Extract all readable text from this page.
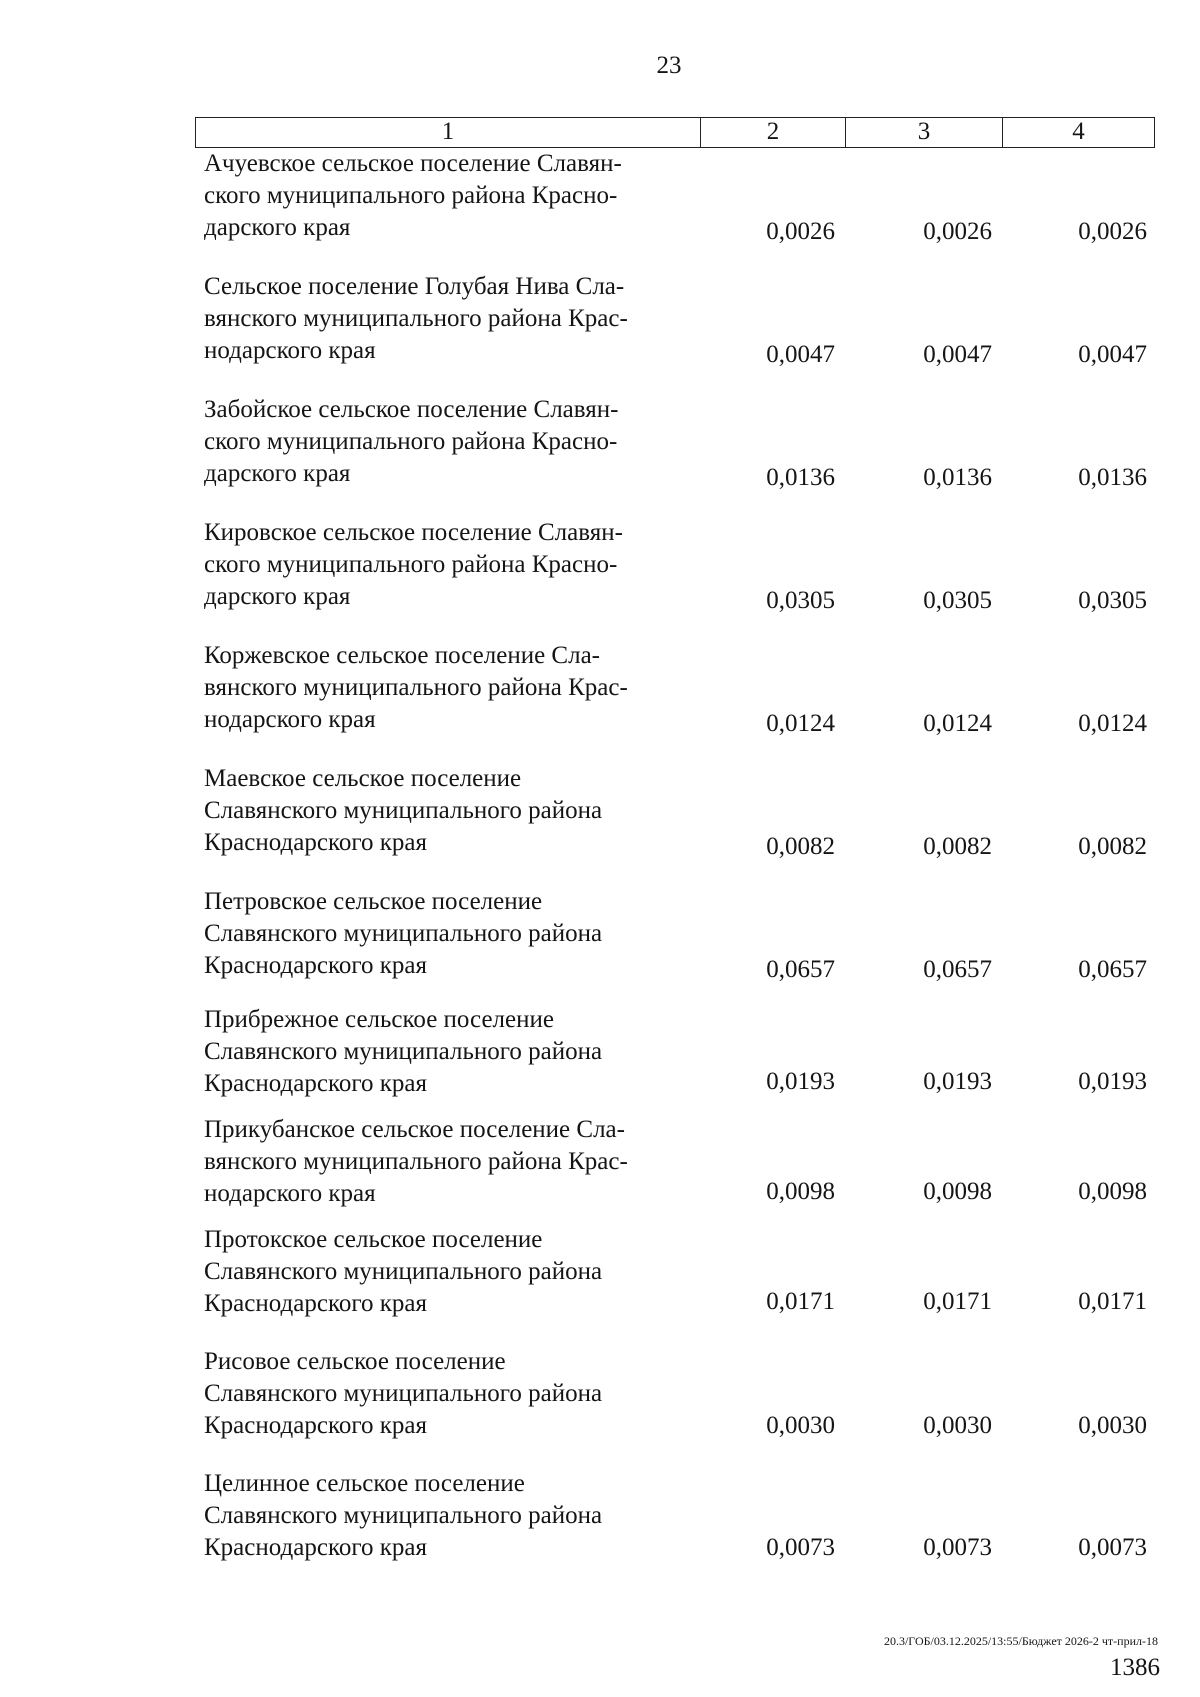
23
1	2	3	4
Ачуевское сельское поселение Славян-
ского муниципального района Красно-
дарского края	0,0026	0,0026	0,0026
Сельское поселение Голубая Нива Сла-
вянского муниципального района Крас-
нодарского края	0,0047	0,0047	0,0047
Забойское сельское поселение Славян-
ского муниципального района Красно-
дарского края	0,0136	0,0136	0,0136
Кировское сельское поселение Славян-
ского муниципального района Красно-
дарского края	0,0305	0,0305	0,0305
Коржевское сельское поселение Сла-
вянского муниципального района Крас-
нодарского края	0,0124	0,0124	0,0124
Маевское сельское поселение
Славянского муниципального района
Краснодарского края	0,0082	0,0082	0,0082
Петровское сельское поселение
Славянского муниципального района
Краснодарского края	0,0657	0,0657	0,0657
Прибрежное сельское поселение
Славянского муниципального района
Краснодарского края	0,0193	0,0193	0,0193
Прикубанское сельское поселение Сла-
вянского муниципального района Крас-
нодарского края	0,0098	0,0098	0,0098
Протокское сельское поселение
Славянского муниципального района
Краснодарского края	0,0171	0,0171	0,0171
Рисовое сельское поселение
Славянского муниципального района
Краснодарского края	0,0030	0,0030	0,0030
Целинное сельское поселение
Славянского муниципального района
Краснодарского края	0,0073	0,0073	0,0073
20.3/ГОБ/03.12.2025/13:55/Бюджет 2026-2 чт-прил-18
1386
